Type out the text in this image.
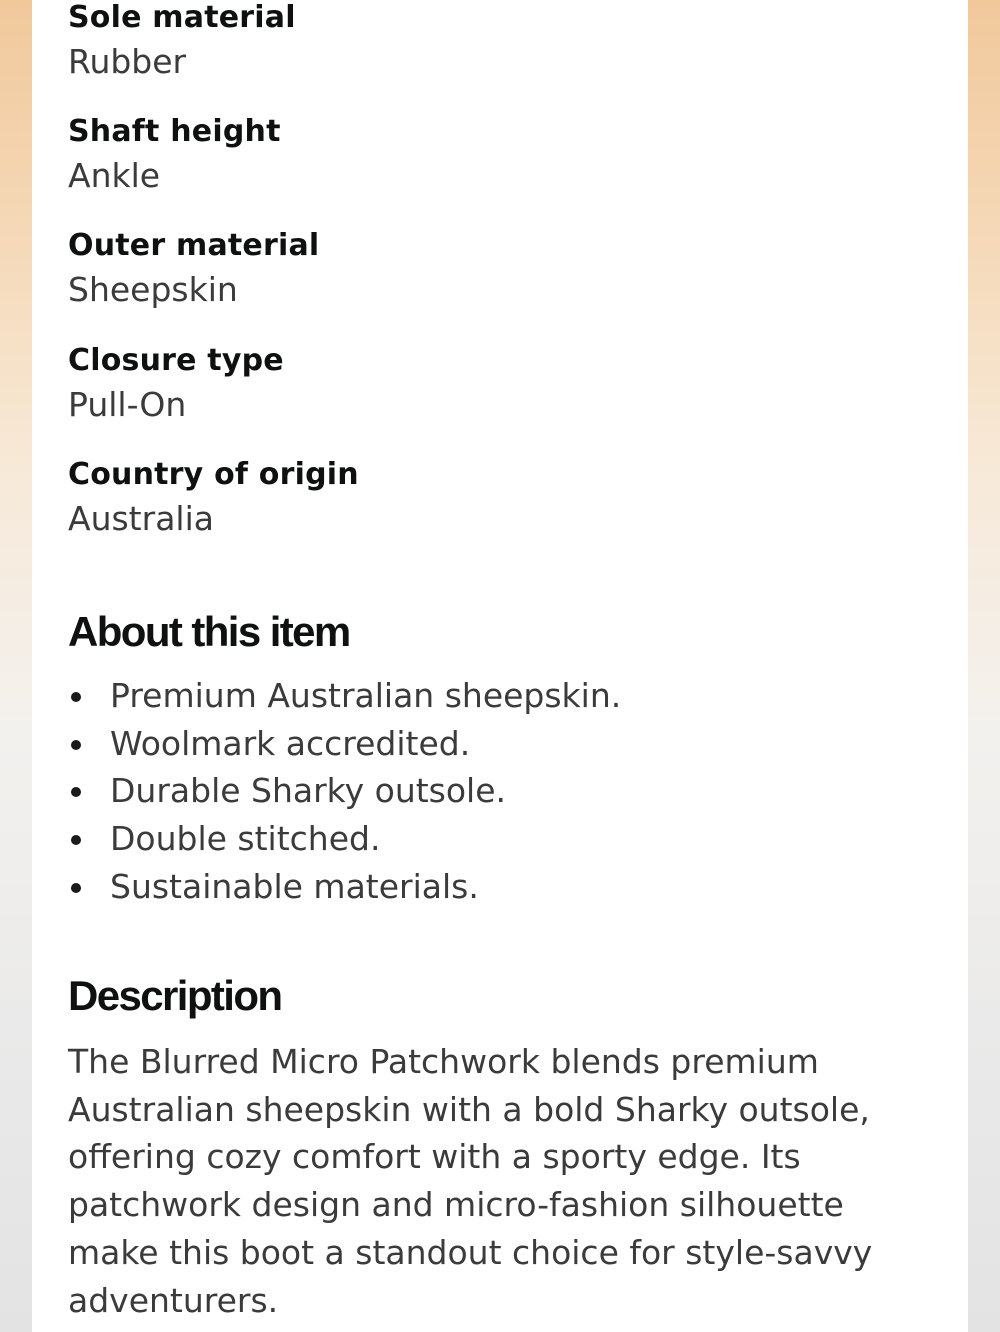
Sole material
Rubber
Shaft height
Ankle
Outer material
Sheepskin
Closure type
Pull-On
Country of origin
Australia
About this item
Premium Australian sheepskin.
Woolmark accredited.
Durable Sharky outsole.
Double stitched.
Sustainable materials.
Description
The Blurred Micro Patchwork blends premium Australian sheepskin with a bold Sharky outsole, offering cozy comfort with a sporty edge. Its patchwork design and micro-fashion silhouette make this boot a standout choice for style-savvy adventurers.
